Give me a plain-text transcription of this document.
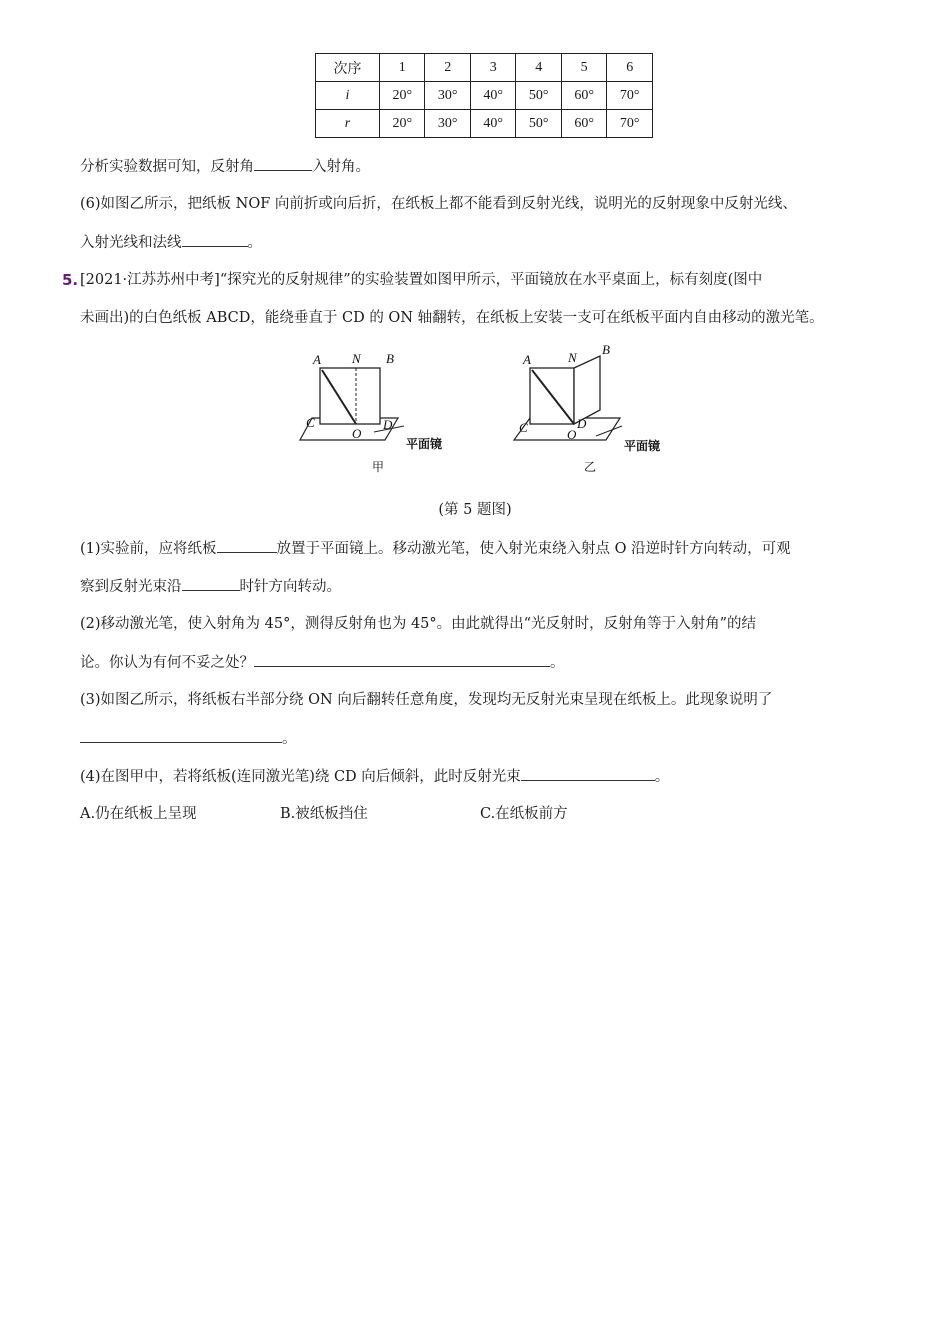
次序	1	2	3	4	5	6
i	20°	30°	40°	50°	60°	70°
r	20°	30°	40°	50°	60°	70°
分析实验数据可知，反射角	入射角。
(6)如图乙所示，把纸板 NOF 向前折或向后折，在纸板上都不能看到反射光线，说明光的反射现象中反射光线、
入射光线和法线	。
5. [2021·江苏苏州中考]“探究光的反射规律”的实验装置如图甲所示，平面镜放在水平桌面上，标有刻度(图中
未画出)的白色纸板 ABCD，能绕垂直于 CD 的 ON 轴翻转，在纸板上安装一支可在纸板平面内自由移动的激光笔。
A N B
C
O
D
平面镜
甲
A	N
B
C	O
D
平面镜
乙
(第 5 题图)
(1)实验前，应将纸板	放置于平面镜上。移动激光笔，使入射光束绕入射点 O 沿逆时针方向转动，可观
察到反射光束沿	时针方向转动。
(2)移动激光笔，使入射角为 45°，测得反射角也为 45°。由此就得出“光反射时，反射角等于入射角”的结
论。你认为有何不妥之处？	。
(3)如图乙所示，将纸板右半部分绕 ON 向后翻转任意角度，发现均无反射光束呈现在纸板上。此现象说明了
。
(4)在图甲中，若将纸板(连同激光笔)绕 CD 向后倾斜，此时反射光束	。
A.仍在纸板上呈现	B.被纸板挡住	C.在纸板前方
